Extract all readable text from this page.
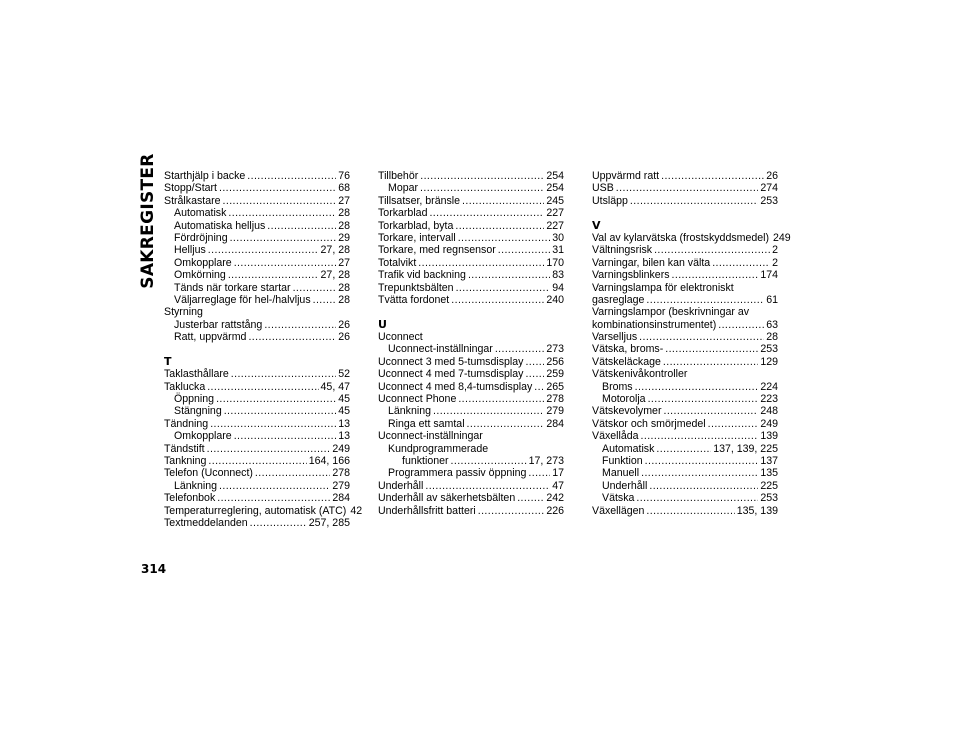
SAKREGISTER
314
Starthjälp i backe .....	76
Stopp/Start .....	68
Strålkastare .....	27
Automatisk .....	28
Automatiska helljus .....	28
Fördröjning .....	29
Helljus .....	27, 28
Omkopplare .....	27
Omkörning .....	27, 28
Tänds när torkare startar .....	28
Väljarreglage för hel-/halvljus .....	28
Styrning
Justerbar rattstång .....	26
Ratt, uppvärmd .....	26
T
Taklasthållare .....	52
Taklucka .....	45, 47
Öppning .....	45
Stängning .....	45
Tändning .....	13
Omkopplare .....	13
Tändstift .....	249
Tankning .....	164, 166
Telefon (Uconnect) .....	278
Länkning .....	279
Telefonbok .....	284
Temperaturreglering, automatisk (ATC) 42
Textmeddelanden .....	257, 285
Tillbehör .....	254
Mopar .....	254
Tillsatser, bränsle .....	245
Torkarblad .....	227
Torkarblad, byta .....	227
Torkare, intervall .....	30
Torkare, med regnsensor .....	31
Totalvikt .....	170
Trafik vid backning .....	83
Trepunktsbälten .....	94
Tvätta fordonet .....	240
U
Uconnect
Uconnect-inställningar .....	273
Uconnect 3 med 5-tumsdisplay ..... 256
Uconnect 4 med 7-tumsdisplay ..... 259
Uconnect 4 med 8,4-tumsdisplay ..... 265
Uconnect Phone .....	278
Länkning .....	279
Ringa ett samtal .....	284
Uconnect-inställningar
Kundprogrammerade
funktioner .....	17, 273
Programmera passiv öppning ..... 17
Underhåll .....	47
Underhåll av säkerhetsbälten .....	242
Underhållsfritt batteri .....	226
Uppvärmd ratt .....	26
USB .....	274
Utsläpp .....	253
V
Val av kylarvätska (frostskyddsmedel) 249
Vältningsrisk .....	2
Varningar, bilen kan välta .....	2
Varningsblinkers .....	174
Varningslampa för elektroniskt
gasreglage .....	61
Varningslampor (beskrivningar av
kombinationsinstrumentet) .....	63
Varselljus .....	28
Vätska, broms- .....	253
Vätskeläckage .....	129
Vätskenivåkontroller
Broms .....	224
Motorolja .....	223
Vätskevolymer .....	248
Vätskor och smörjmedel .....	249
Växellåda .....	139
Automatisk .....	137, 139, 225
Funktion .....	137
Manuell .....	135
Underhåll .....	225
Vätska .....	253
Växellägen .....	135, 139
